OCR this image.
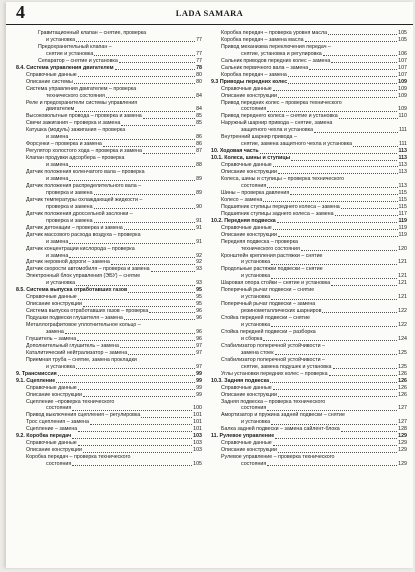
4	LADA SAMARA
Гравитационный клапан – снятие, проверка
и установка	77
Предохранительный клапан –
снятие и установка	77
Сепаратор – снятие и установка	77
8.4. Система управления двигателем	78
Справочные данные	80
Описание системы	80
Система управления двигателем – проверка
технического состояния	84
Реле и предохранители системы управления
двигателем	84
Высоковольтные провода – проверка и замена	85
Свечи зажигания – проверка и замена	85
Катушка (модуль) зажигания – проверка
и замена	86
Форсунки – проверка и замена	86
Регулятор холостого хода – проверка и замена	87
Клапан продувки адсорбера – проверка
и замена	88
Датчик положения коленчатого вала – проверка
и замена	89
Датчик положения распределительного вала –
проверка и замена	89
Датчик температуры охлаждающей жидкости –
проверка и замена	90
Датчик положения дроссельной заслонки –
проверка и замена	91
Датчик детонации – проверка и замена	91
Датчик массового расхода воздуха – проверка
и замена	91
Датчик концентрации кислорода – проверка
и замена	92
Датчик неровной дороги – замена	92
Датчик скорости автомобиля – проверка и замена	93
Электронный блок управления (ЭБУ) – снятие
и установка	93
8.5. Система выпуска отработавших газов	95
Справочные данные	95
Описание конструкции	95
Система выпуска отработавших газов – проверка	96
Подушки подвески глушителя – замена	96
Металлографитовое уплотнительное кольцо –
замена	96
Глушитель – замена	96
Дополнительный глушитель – замена	97
Каталитический нейтрализатор – замена	97
Приемная труба – снятие, замена прокладки
и установка	97
9. Трансмиссия	99
9.1. Сцепление	99
Справочные данные	99
Описание конструкции	99
Сцепление –проверка технического
состояния	100
Привод выключения сцепления – регулировка	101
Трос сцепления – замена	101
Сцепление – замена	101
9.2. Коробка передач	103
Справочные данные	103
Описание конструкции	103
Коробка передач – проверка технического
состояния	105
Коробка передач – проверка уровня масла	105
Коробка передач – замена масла	105
Привод механизма переключения передач –
снятие, установка и регулировка	106
Сальник приводов передних колес – замена	107
Сальник первичного вала – замена	107
Коробка передач – замена	107
9.3 Приводы передних колес	109
Справочные данные	109
Описание конструкции	109
Привод передних колес – проверка технического
состояния	109
Привод переднего колеса – снятие и установка	110
Наружный шарнир привода – снятие, замена
защитного чехла и установка	111
Внутренний шарнир привода –
снятие, замена защитного чехла и установка	111
10. Ходовая часть	113
10.1. Колеса, шины и ступицы	113
Справочные данные	113
Описание конструкции	113
Колеса, шины и ступицы – проверка технического
состояния	113
Шины – проверка давления	115
Колесо – замена	115
Подшипник ступицы переднего колеса – замена	115
Подшипник ступицы заднего колеса – замена	117
10.2. Передняя подвеска	119
Справочные данные	119
Описание конструкции	119
Передняя подвеска – проверка
технического состояния	120
Кронштейн крепления растяжки – снятие
и установка	121
Продольные растяжки подвески – снятие
и установка	121
Шаровая опора стойки – снятие и установка	121
Поперечный рычаг подвески – снятие
и установка	121
Поперечный рычаг подвески – замена
резинометаллических шарниров	122
Стойка передней подвески – снятие
и установка	122
Стойка передней подвески – разборка
и сборка	124
Стабилизатор поперечной устойчивости –
замена стоек	125
Стабилизатор поперечной устойчивости –
снятие, замена подушек и установка	125
Углы установки передних колес – проверка	126
10.3. Задняя подвеска	126
Справочные данные	126
Описание конструкции	126
Задняя подвеска – проверка технического
состояния	127
Амортизатор и пружина задней подвески – снятие
и установка	127
Балка задней подвески – замена сайлент-блока	128
11. Рулевое управление	129
Справочные данные	129
Описание конструкции	129
Рулевое управление – проверка технического
состояния	129
